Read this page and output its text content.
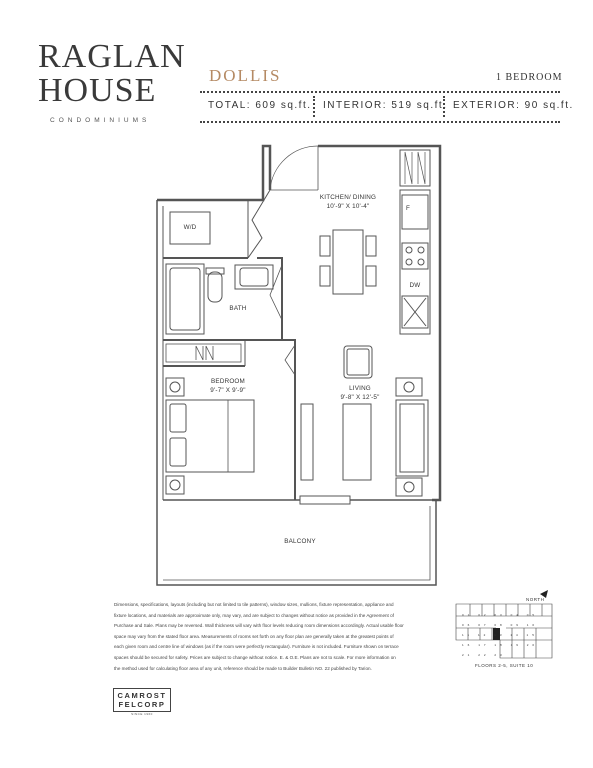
RAGLAN
HOUSE
CONDOMINIUMS
DOLLIS	1 BEDROOM
TOTAL: 609 sq.ft. INTERIOR: 519 sq.ft. EXTERIOR: 90 sq.ft.
KITCHEN/ DINING
10'-9" X 10'-4"
W/D
F
DW
BATH
BEDROOM
9'-7" X 9'-9"	LIVING
9'-8" X 12'-5"
BALCONY
Dimensions, specifications, layouts (including but not limited to tile patterns), window sizes, mullions, fixture representation, appliance and
fixture locations, and materials are approximate only, may vary, and are subject to changes without notice as provided in the Agreement of
Purchase and Sale. Plans may be reversed. Wall thickness will vary with floor levels reducing room dimensions accordingly. Actual usable floor
space may vary from the stated floor area. Measurements of rooms set forth on any floor plan are generally taken at the greatest points of
each given room and centre line of windows (as if the room were perfectly rectangular). Furniture is not included. Furniture shown on terrace
spaces should be secured for safety. Prices are subject to change without notice. E. & O.E. Plans are not to scale. For more information on
the method used for calculating floor area of any unit, reference should be made to Builder Bulletin NO. 22 published by Tarion.
NORTH
01 02 03 04 05 06 07 08 09 10 11 12 13 14 15 16 17 18 19 20 21 22 23
FLOORS 2-5, SUITE 10
CAMROST
FELCORP
SINCE 1960
